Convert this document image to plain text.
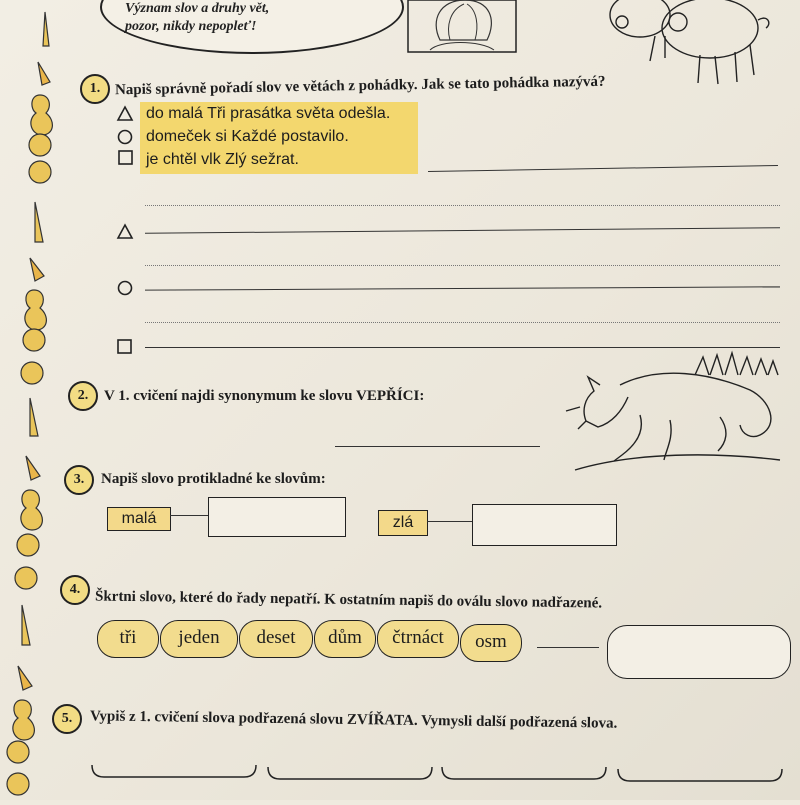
Význam slov a druhy vět,
pozor, nikdy nepopleť!
1. Napiš správně pořadí slov ve větách z pohádky. Jak se tato pohádka nazývá?
do malá Tři prasátka světa odešla.
domeček si Každé postavilo.
je chtěl vlk Zlý sežrat.
2.	V 1. cvičení najdi synonymum ke slovu VEPŘÍCI:
3.	Napiš slovo protikladné ke slovům:
malá	zlá
4. Škrtni slovo, které do řady nepatří. K ostatním napiš do oválu slovo nadřazené.
tři	jeden	deset	dům	čtrnáct	osm
5.	Vypiš z 1. cvičení slova podřazená slovu ZVÍŘATA. Vymysli další podřazená slova.
